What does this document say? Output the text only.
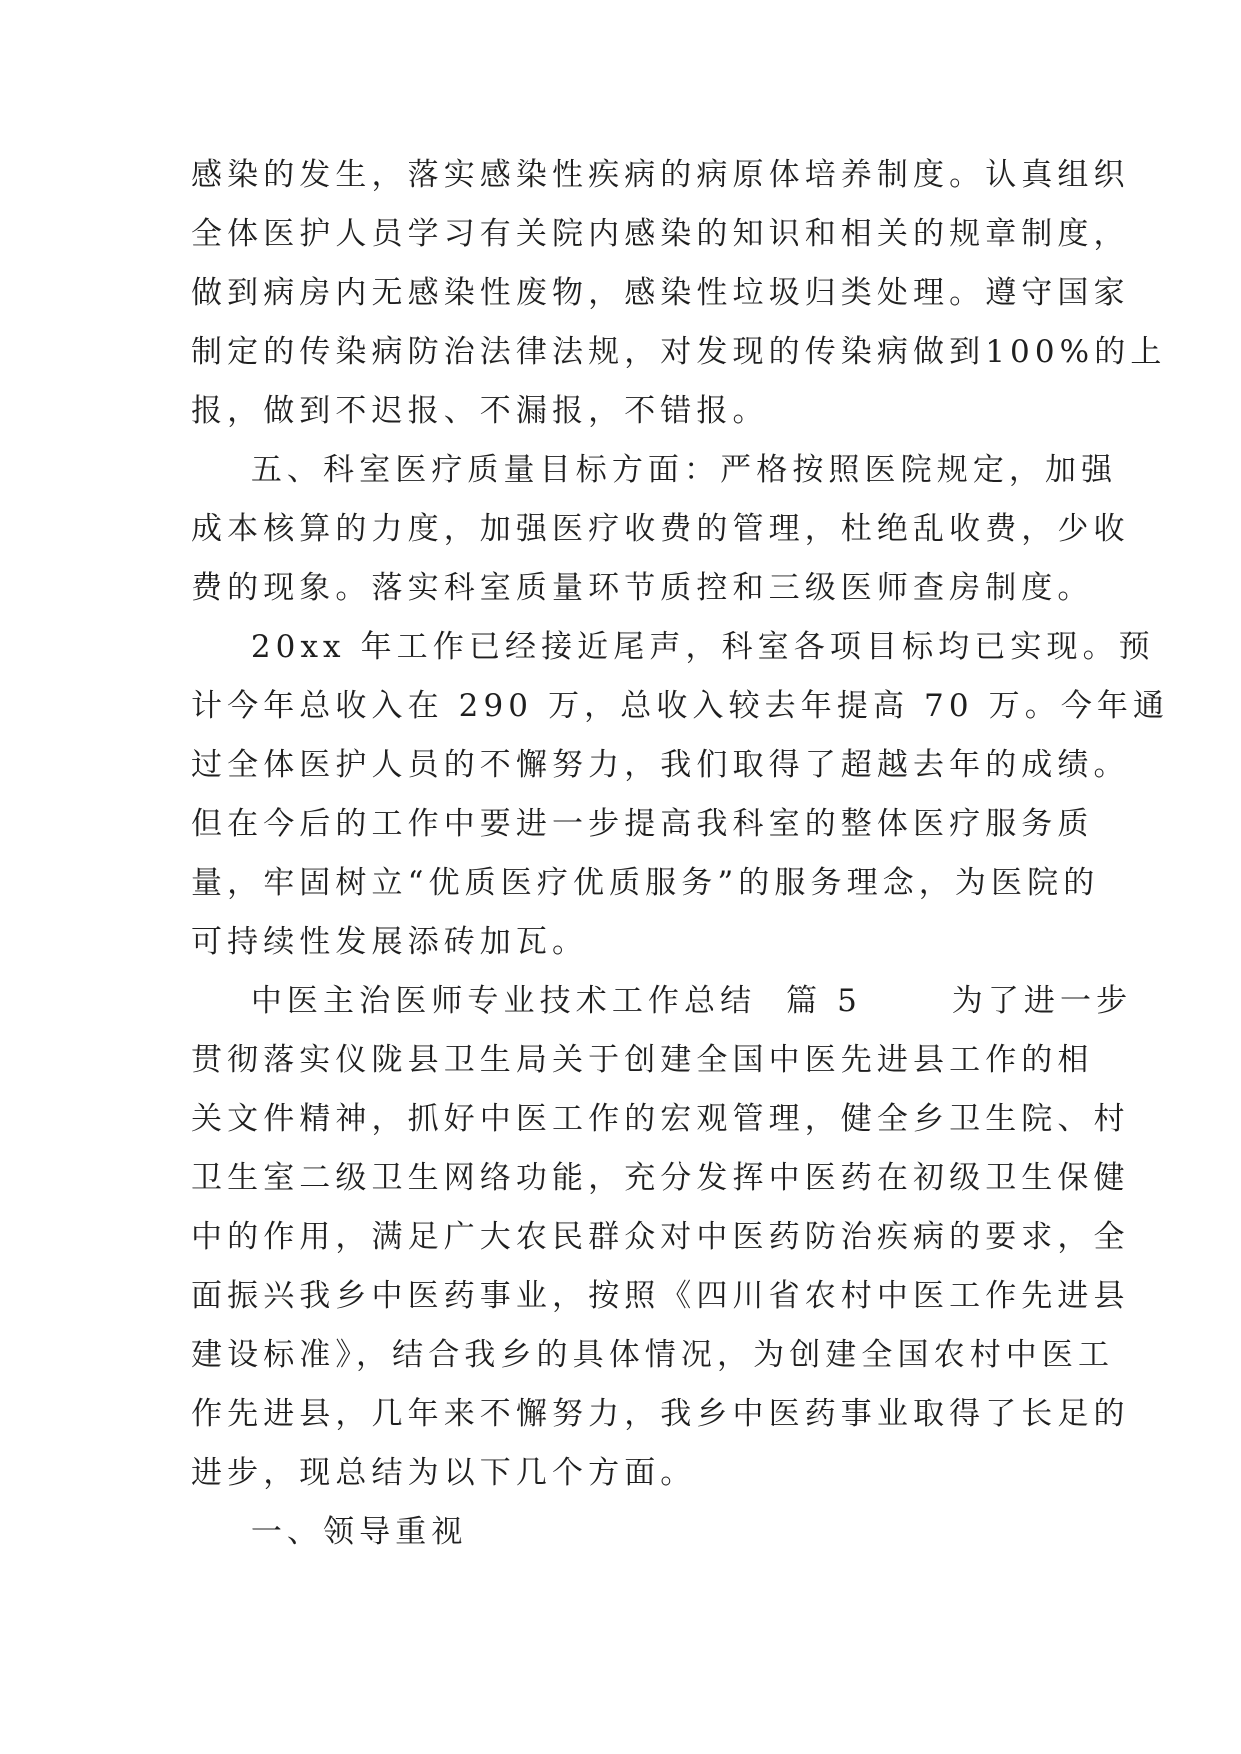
感染的发生，落实感染性疾病的病原体培养制度。认真组织
全体医护人员学习有关院内感染的知识和相关的规章制度，
做到病房内无感染性废物，感染性垃圾归类处理。遵守国家
制定的传染病防治法律法规，对发现的传染病做到100%的上
报，做到不迟报、不漏报，不错报。
五、科室医疗质量目标方面：严格按照医院规定，加强
成本核算的力度，加强医疗收费的管理，杜绝乱收费，少收
费的现象。落实科室质量环节质控和三级医师查房制度。
20xx 年工作已经接近尾声，科室各项目标均已实现。预
计今年总收入在 290 万，总收入较去年提高 70 万。今年通
过全体医护人员的不懈努力，我们取得了超越去年的成绩。
但在今后的工作中要进一步提高我科室的整体医疗服务质
量，牢固树立“优质医疗优质服务”的服务理念，为医院的
可持续性发展添砖加瓦。
中医主治医师专业技术工作总结  篇 5      为了进一步
贯彻落实仪陇县卫生局关于创建全国中医先进县工作的相
关文件精神，抓好中医工作的宏观管理，健全乡卫生院、村
卫生室二级卫生网络功能，充分发挥中医药在初级卫生保健
中的作用，满足广大农民群众对中医药防治疾病的要求，全
面振兴我乡中医药事业，按照《四川省农村中医工作先进县
建设标准》，结合我乡的具体情况，为创建全国农村中医工
作先进县，几年来不懈努力，我乡中医药事业取得了长足的
进步，现总结为以下几个方面。
一、领导重视
